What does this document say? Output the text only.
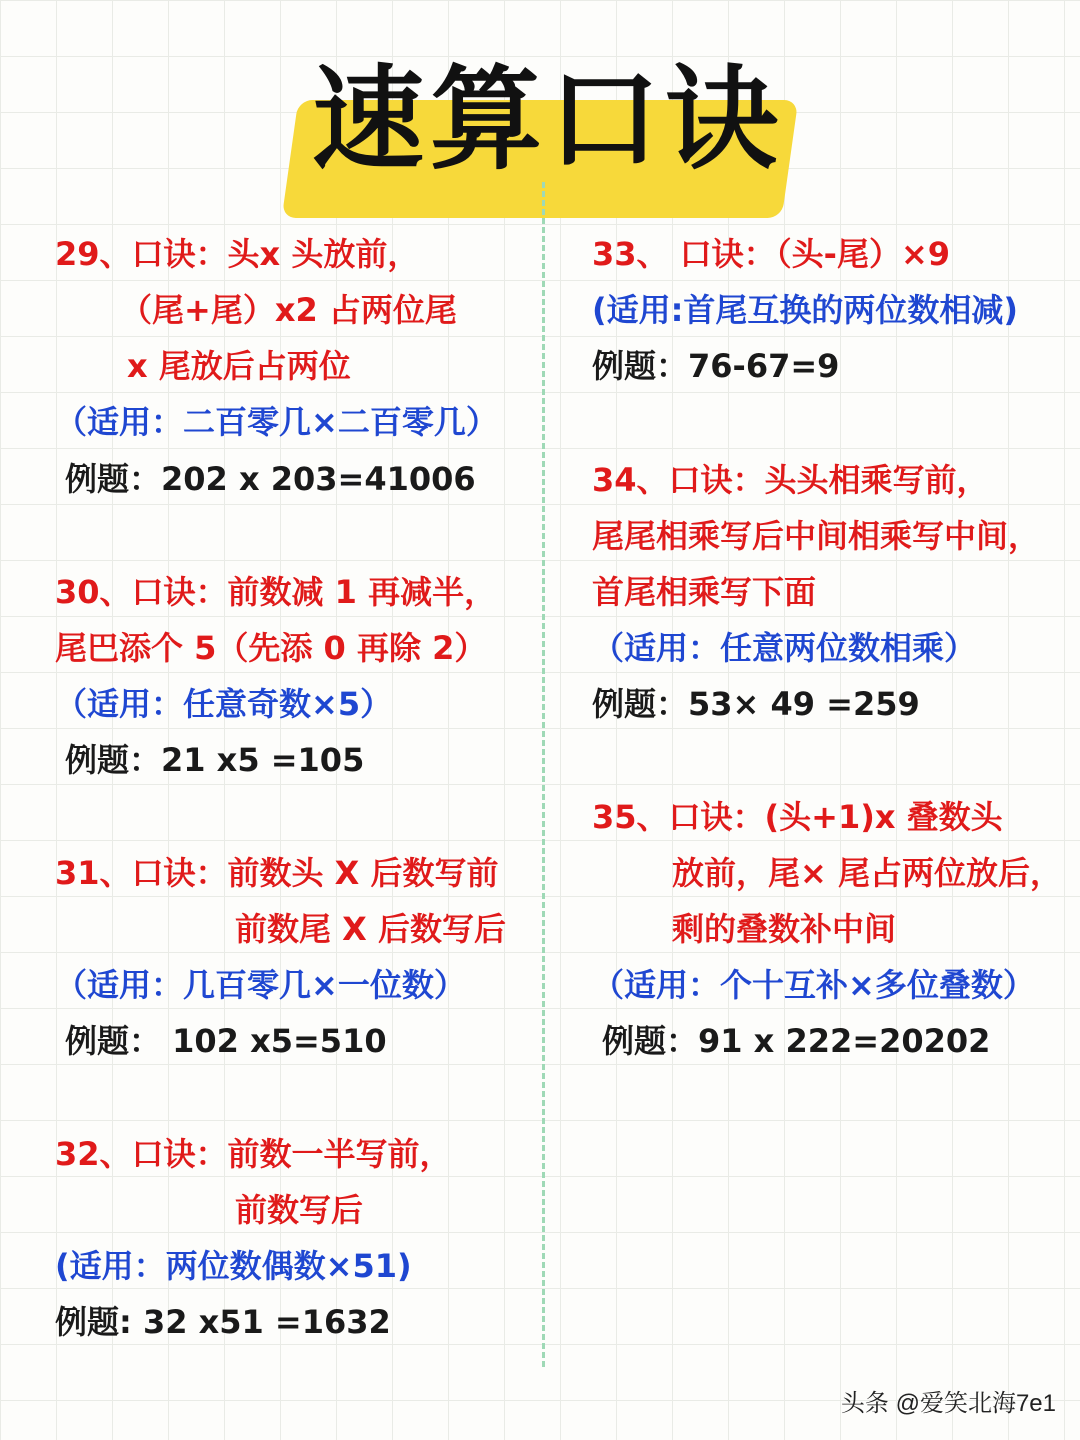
速算口诀
29、口诀：头x 头放前，
（尾+尾）x2 占两位尾
x 尾放后占两位
（适用：二百零几×二百零几）
例题：202 x 203=41006
30、口诀：前数减 1 再减半，
尾巴添个 5（先添 0 再除 2）
（适用：任意奇数×5）
例题：21 x5 =105
31、口诀：前数头 X 后数写前
前数尾 X 后数写后
（适用：几百零几×一位数）
例题： 102 x5=510
32、口诀：前数一半写前，
前数写后
(适用：两位数偶数×51)
例题: 32 x51 =1632
33、 口诀：（头-尾）×9
(适用:首尾互换的两位数相减)
例题：76-67=9
34、口诀：头头相乘写前，
尾尾相乘写后中间相乘写中间，
首尾相乘写下面
（适用：任意两位数相乘）
例题：53× 49 =259
35、口诀：(头+1)x 叠数头
放前，尾× 尾占两位放后，
剩的叠数补中间
（适用：个十互补×多位叠数）
例题：91 x 222=20202
头条 @爱笑北海7e1
